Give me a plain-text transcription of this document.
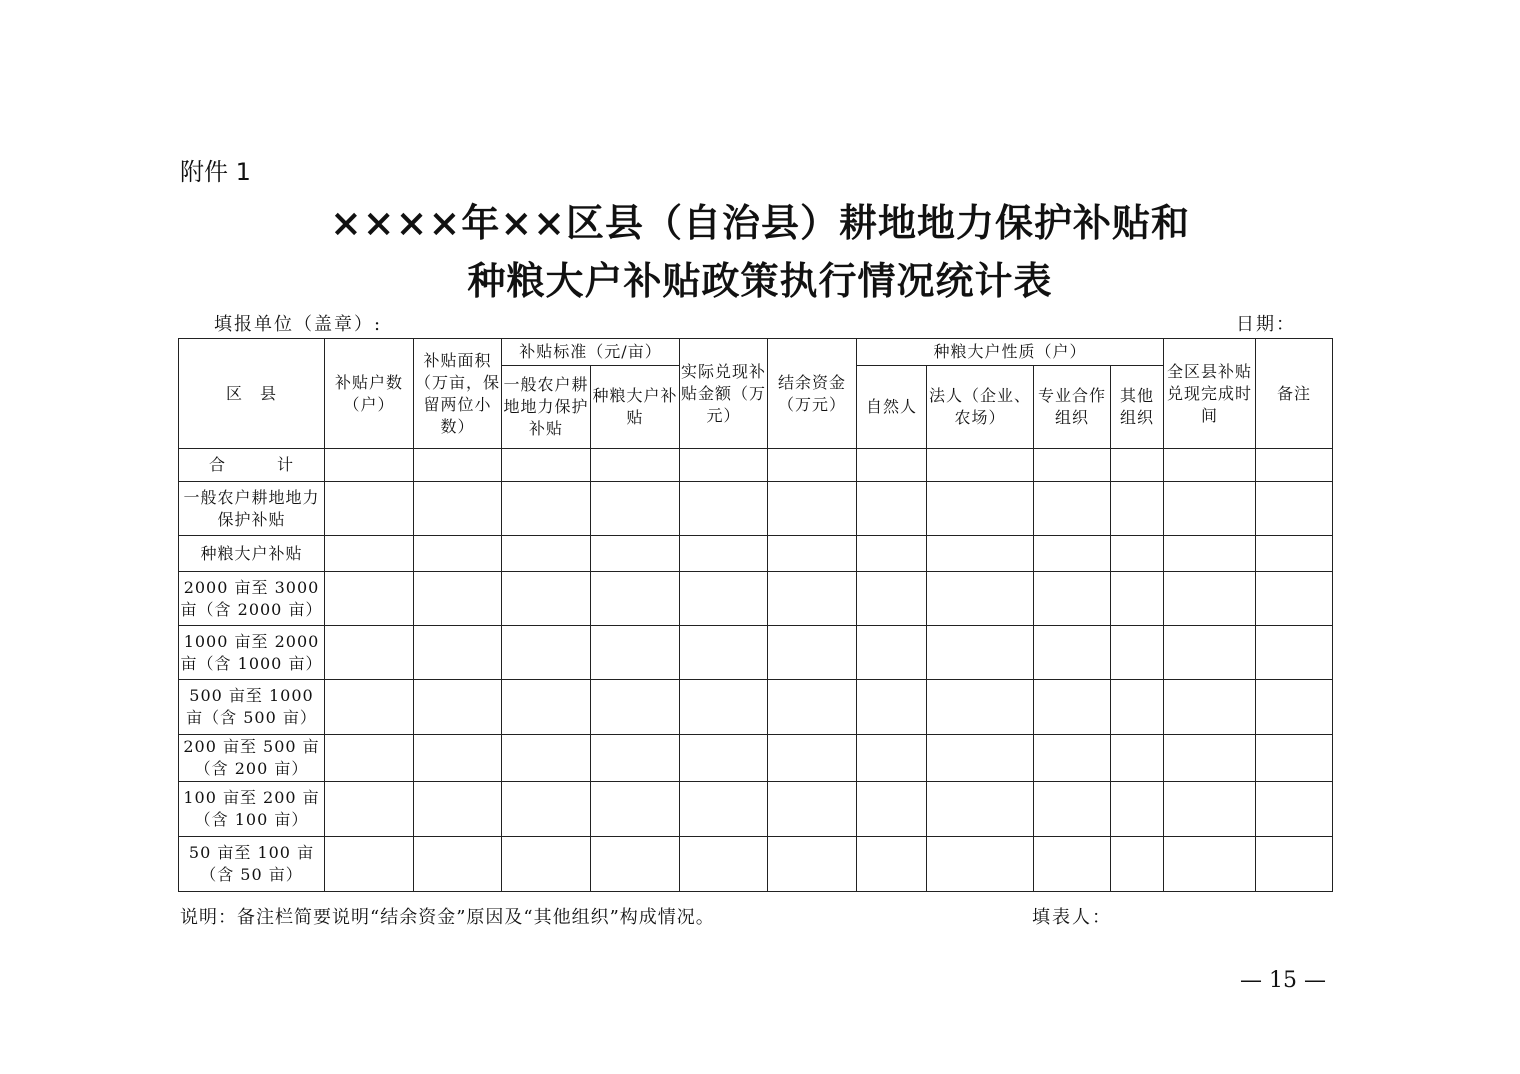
附件 1
××××年××区县（自治县）耕地地力保护补贴和
种粮大户补贴政策执行情况统计表
填报单位（盖章）:	日期：
区　县	补贴户数（户）	补贴面积（万亩，保留两位小数）	补贴标准（元/亩）		实际兑现补贴金额（万元）	结余资金（万元）	种粮大户性质（户）				全区县补贴兑现完成时间	备注
			一般农户耕地地力保护补贴	种粮大户补贴			自然人	法人（企业、农场）	专业合作组织	其他组织		
合　　　计												
一般农户耕地地力保护补贴												
种粮大户补贴												
2000 亩至 3000 亩（含 2000 亩）												
1000 亩至 2000 亩（含 1000 亩）												
500 亩至 1000 亩（含 500 亩）												
200 亩至 500 亩（含 200 亩）												
100 亩至 200 亩（含 100 亩）												
50 亩至 100 亩（含 50 亩）												
说明：备注栏简要说明“结余资金”原因及“其他组织”构成情况。	填表人：
— 15 —
